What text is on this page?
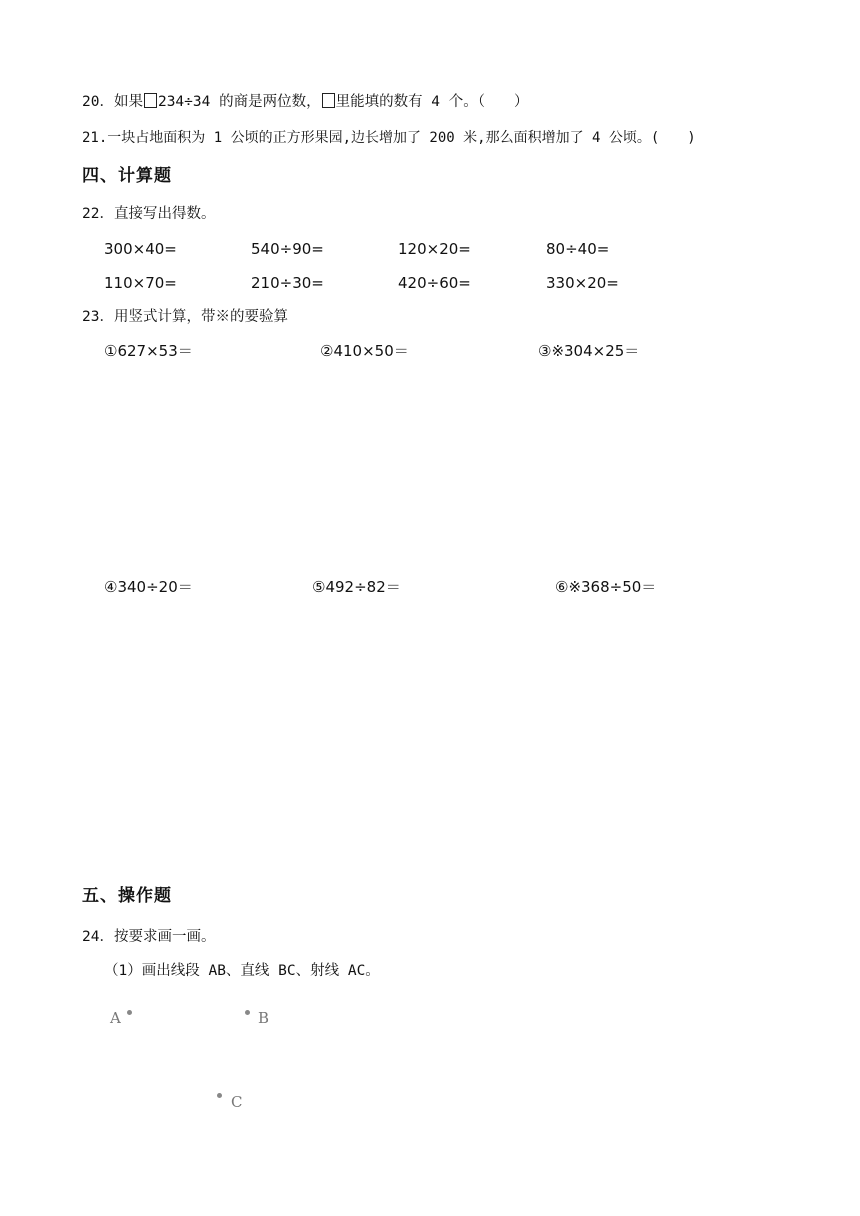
20．如果 234÷34 的商是两位数， 里能填的数有 4 个。（　　）
21.一块占地面积为 1 公顷的正方形果园,边长增加了 200 米,那么面积增加了 4 公顷。(　　)
四、计算题
22．直接写出得数。
300×40=	540÷90=	120×20=	80÷40=
110×70=	210÷30=	420÷60=	330×20=
23．用竖式计算，带※的要验算
①627×53＝	②410×50＝	③※304×25＝
④340÷20＝	⑤492÷82＝	⑥※368÷50＝
五、操作题
24．按要求画一画。
（1）画出线段 AB、直线 BC、射线 AC。
A	B
C
